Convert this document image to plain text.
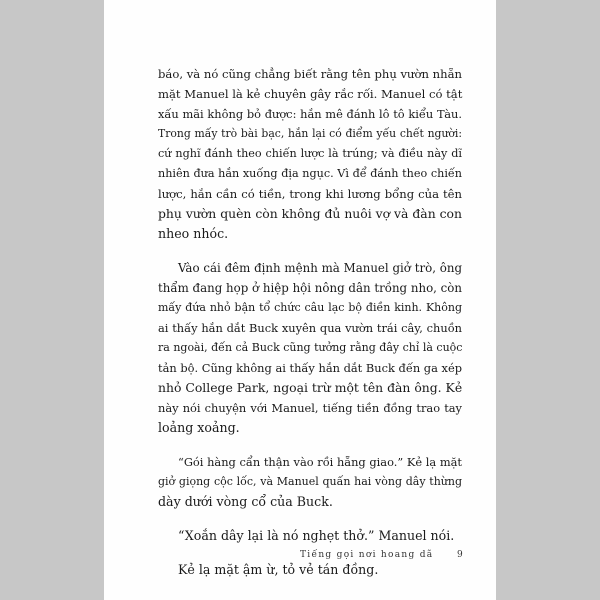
báo, và nó cũng chẳng biết rằng tên phụ vườn nhẵn
mặt Manuel là kẻ chuyên gây rắc rối. Manuel có tật
xấu mãi không bỏ được: hắn mê đánh lô tô kiểu Tàu.
Trong mấy trò bài bạc, hắn lại có điểm yếu chết người:
cứ nghĩ đánh theo chiến lược là trúng; và điều này dĩ
nhiên đưa hắn xuống địa ngục. Vì để đánh theo chiến
lược, hắn cần có tiền, trong khi lương bổng của tên
phụ vườn quèn còn không đủ nuôi vợ và đàn con
nheo nhóc.
Vào cái đêm định mệnh mà Manuel giở trò, ông
thẩm đang họp ở hiệp hội nông dân trồng nho, còn
mấy đứa nhỏ bận tổ chức câu lạc bộ điền kinh. Không
ai thấy hắn dắt Buck xuyên qua vườn trái cây, chuồn
ra ngoài, đến cả Buck cũng tưởng rằng đây chỉ là cuộc
tản bộ. Cũng không ai thấy hắn dắt Buck đến ga xép
nhỏ College Park, ngoại trừ một tên đàn ông. Kẻ
này nói chuyện với Manuel, tiếng tiền đồng trao tay
loảng xoảng.
“Gói hàng cẩn thận vào rồi hẵng giao.” Kẻ lạ mặt
giở giọng cộc lốc, và Manuel quấn hai vòng dây thừng
dày dưới vòng cổ của Buck.
“Xoắn dây lại là nó nghẹt thở.” Manuel nói.
Kẻ lạ mặt ậm ừ, tỏ vẻ tán đồng.
Tiếng gọi nơi hoang dã	9
